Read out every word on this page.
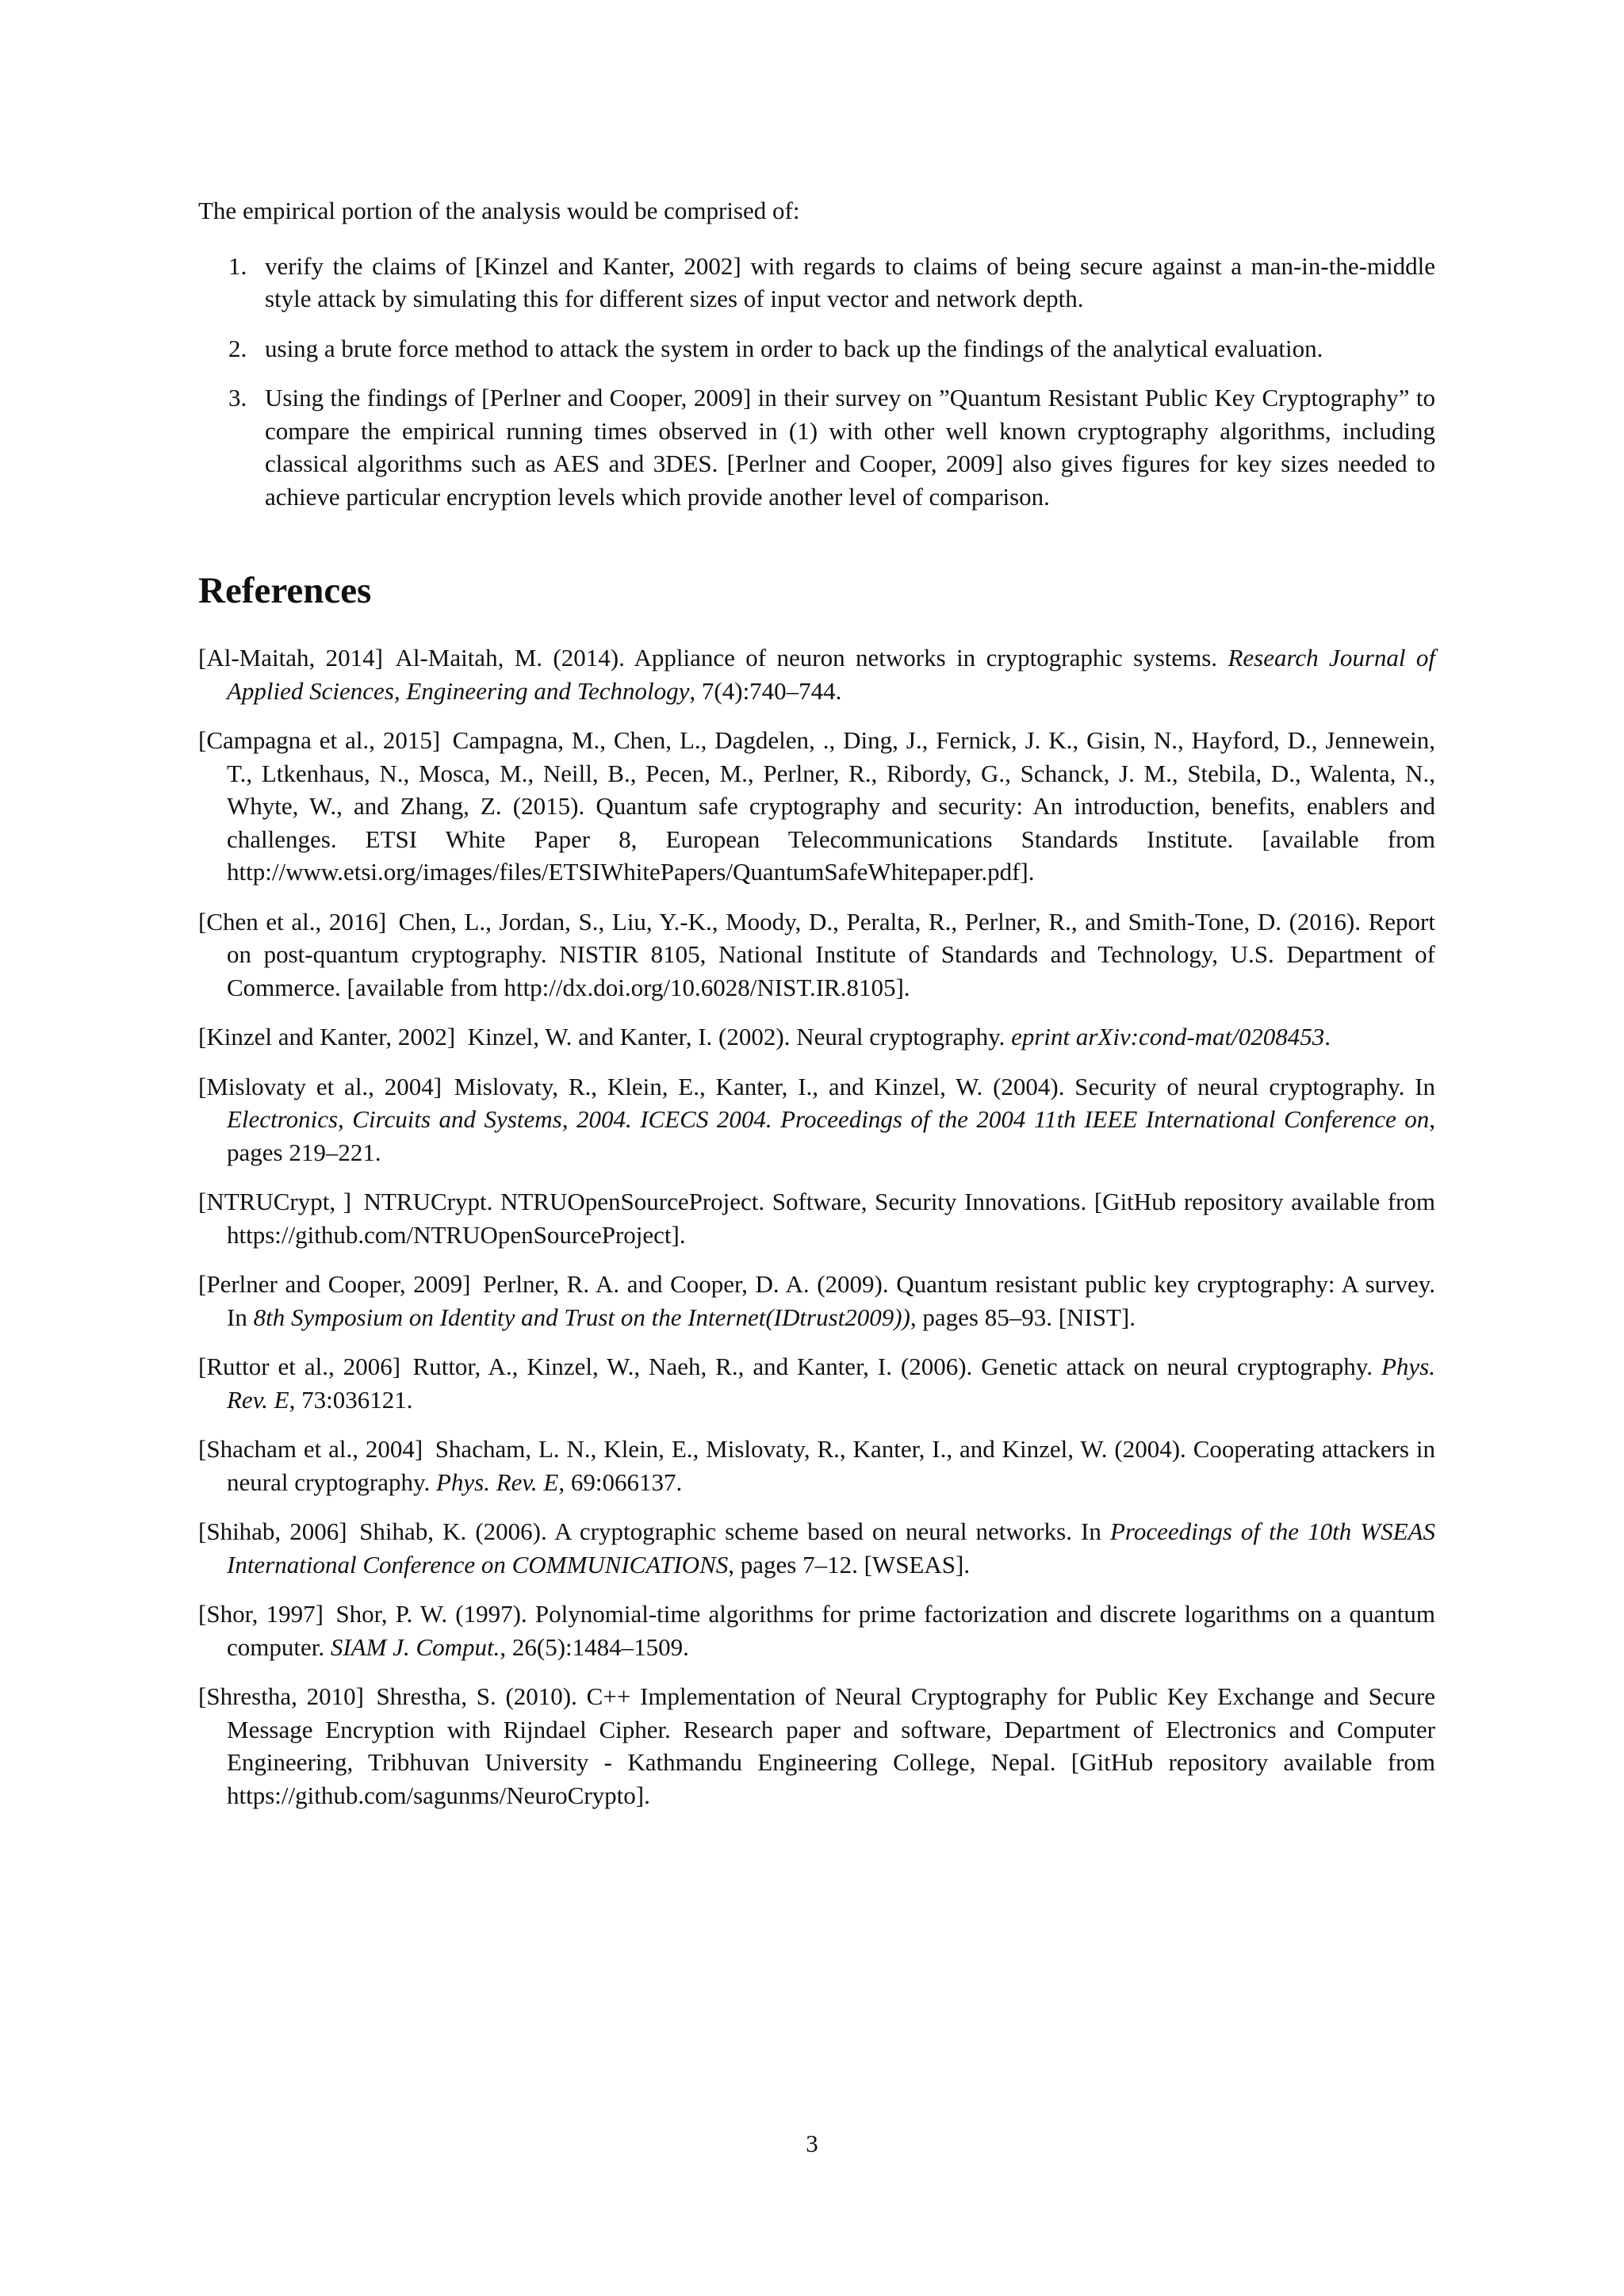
The empirical portion of the analysis would be comprised of:

1. verify the claims of [Kinzel and Kanter, 2002] with regards to claims of being secure against a man-in-the-middle style attack by simulating this for different sizes of input vector and network depth.
2. using a brute force method to attack the system in order to back up the findings of the analytical evaluation.
3. Using the findings of [Perlner and Cooper, 2009] in their survey on ”Quantum Resistant Public Key Cryptography” to compare the empirical running times observed in (1) with other well known cryptography algorithms, including classical algorithms such as AES and 3DES. [Perlner and Cooper, 2009] also gives figures for key sizes needed to achieve particular encryption levels which provide another level of comparison.
References

[Al-Maitah, 2014]  Al-Maitah, M. (2014). Appliance of neuron networks in cryptographic systems. Research Journal of Applied Sciences, Engineering and Technology, 7(4):740–744.

[Campagna et al., 2015]  Campagna, M., Chen, L., Dagdelen, ., Ding, J., Fernick, J. K., Gisin, N., Hayford, D., Jennewein, T., Ltkenhaus, N., Mosca, M., Neill, B., Pecen, M., Perlner, R., Ribordy, G., Schanck, J. M., Stebila, D., Walenta, N., Whyte, W., and Zhang, Z. (2015). Quantum safe cryptography and security: An introduction, benefits, enablers and challenges. ETSI White Paper 8, European Telecommunications Standards Institute. [available from http://www.etsi.org/images/files/ETSIWhitePapers/QuantumSafeWhitepaper.pdf].

[Chen et al., 2016]  Chen, L., Jordan, S., Liu, Y.-K., Moody, D., Peralta, R., Perlner, R., and Smith-Tone, D. (2016). Report on post-quantum cryptography. NISTIR 8105, National Institute of Standards and Technology, U.S. Department of Commerce. [available from http://dx.doi.org/10.6028/NIST.IR.8105].

[Kinzel and Kanter, 2002]  Kinzel, W. and Kanter, I. (2002). Neural cryptography. eprint arXiv:cond-mat/0208453.

[Mislovaty et al., 2004]  Mislovaty, R., Klein, E., Kanter, I., and Kinzel, W. (2004). Security of neural cryptography. In Electronics, Circuits and Systems, 2004. ICECS 2004. Proceedings of the 2004 11th IEEE International Conference on, pages 219–221.

[NTRUCrypt, ]  NTRUCrypt. NTRUOpenSourceProject. Software, Security Innovations. [GitHub repository available from https://github.com/NTRUOpenSourceProject].

[Perlner and Cooper, 2009]  Perlner, R. A. and Cooper, D. A. (2009). Quantum resistant public key cryptography: A survey. In 8th Symposium on Identity and Trust on the Internet(IDtrust2009)), pages 85–93. [NIST].

[Ruttor et al., 2006]  Ruttor, A., Kinzel, W., Naeh, R., and Kanter, I. (2006). Genetic attack on neural cryptography. Phys. Rev. E, 73:036121.

[Shacham et al., 2004]  Shacham, L. N., Klein, E., Mislovaty, R., Kanter, I., and Kinzel, W. (2004). Cooperating attackers in neural cryptography. Phys. Rev. E, 69:066137.

[Shihab, 2006]  Shihab, K. (2006). A cryptographic scheme based on neural networks. In Proceedings of the 10th WSEAS International Conference on COMMUNICATIONS, pages 7–12. [WSEAS].

[Shor, 1997]  Shor, P. W. (1997). Polynomial-time algorithms for prime factorization and discrete logarithms on a quantum computer. SIAM J. Comput., 26(5):1484–1509.

[Shrestha, 2010]  Shrestha, S. (2010). C++ Implementation of Neural Cryptography for Public Key Exchange and Secure Message Encryption with Rijndael Cipher. Research paper and software, Department of Electronics and Computer Engineering, Tribhuvan University - Kathmandu Engineering College, Nepal. [GitHub repository available from https://github.com/sagunms/NeuroCrypto].

3
